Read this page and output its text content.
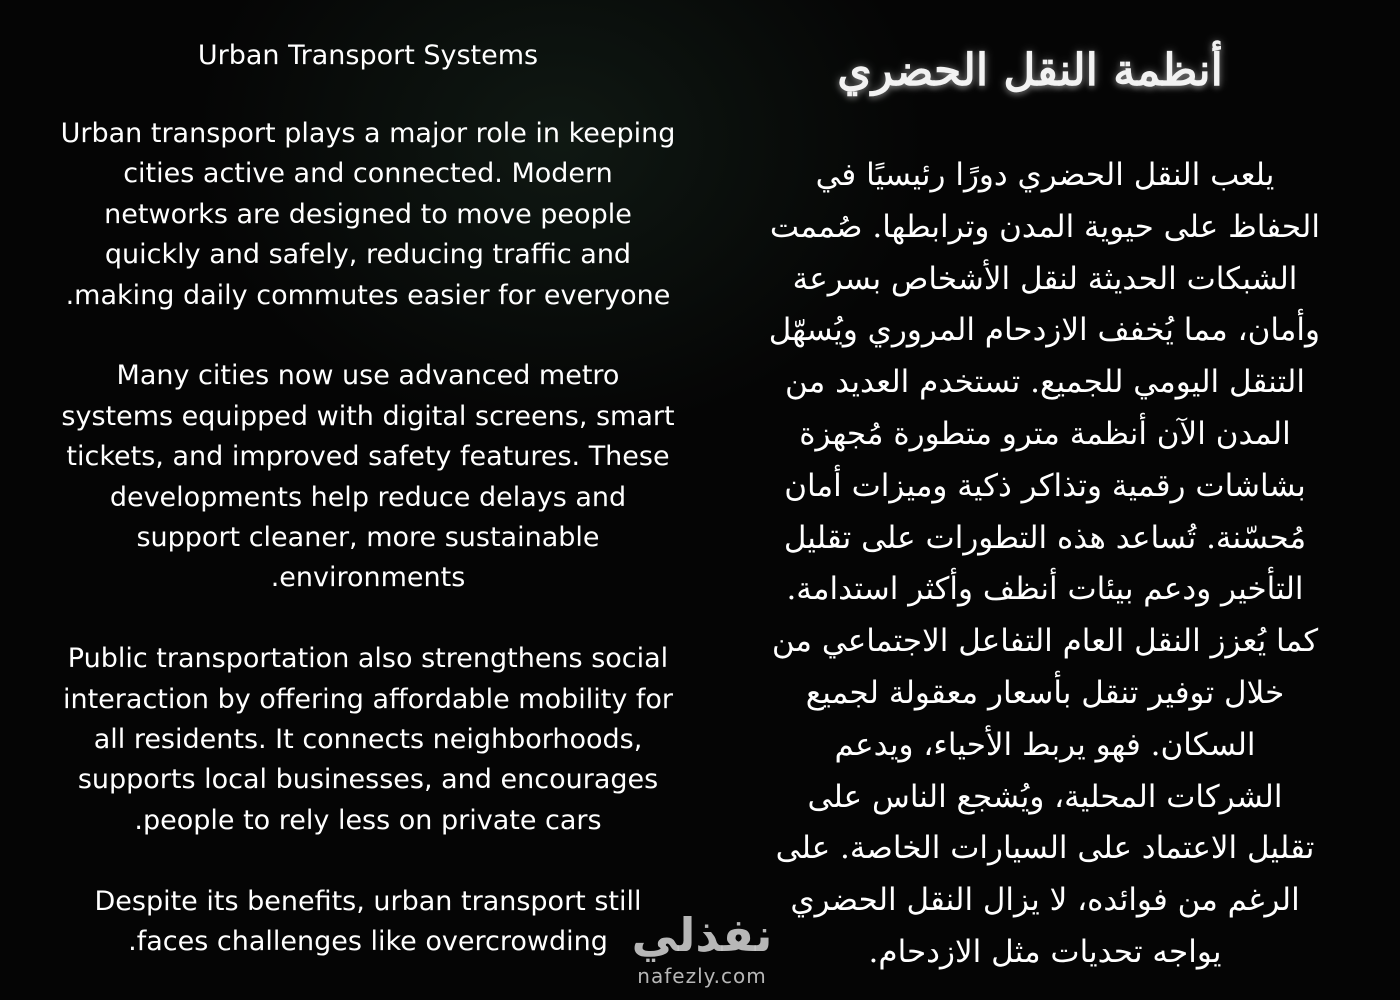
Urban Transport Systems

Urban transport plays a major role in keeping
cities active and connected. Modern
networks are designed to move people
quickly and safely, reducing traffic and
.making daily commutes easier for everyone

Many cities now use advanced metro
systems equipped with digital screens, smart
tickets, and improved safety features. These
developments help reduce delays and
support cleaner, more sustainable
.environments

Public transportation also strengthens social
interaction by offering affordable mobility for
all residents. It connects neighborhoods,
supports local businesses, and encourages
.people to rely less on private cars

Despite its benefits, urban transport still
.faces challenges like overcrowding

أنظمة النقل الحضري
يلعب النقل الحضري دورًا رئيسيًا في
الحفاظ على حيوية المدن وترابطها. صُممت
الشبكات الحديثة لنقل الأشخاص بسرعة
وأمان، مما يُخفف الازدحام المروري ويُسهّل
التنقل اليومي للجميع. تستخدم العديد من
المدن الآن أنظمة مترو متطورة مُجهزة
بشاشات رقمية وتذاكر ذكية وميزات أمان
مُحسّنة. تُساعد هذه التطورات على تقليل
التأخير ودعم بيئات أنظف وأكثر استدامة.
كما يُعزز النقل العام التفاعل الاجتماعي من
خلال توفير تنقل بأسعار معقولة لجميع
السكان. فهو يربط الأحياء، ويدعم
الشركات المحلية، ويُشجع الناس على
تقليل الاعتماد على السيارات الخاصة. على
الرغم من فوائده، لا يزال النقل الحضري
يواجه تحديات مثل الازدحام.
نفذلي
nafezly.com
